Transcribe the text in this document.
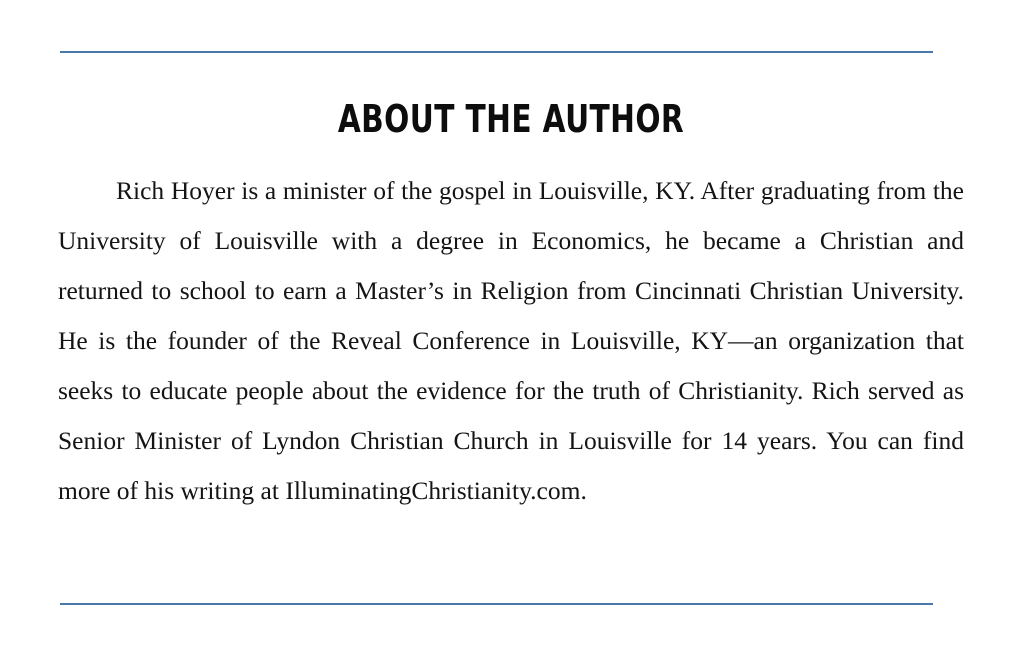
ABOUT THE AUTHOR

Rich Hoyer is a minister of the gospel in Louisville, KY. After graduating from the University of Louisville with a degree in Economics, he became a Christian and returned to school to earn a Master’s in Religion from Cincinnati Christian University. He is the founder of the Reveal Conference in Louisville, KY—an organization that seeks to educate people about the evidence for the truth of Christianity. Rich served as Senior Minister of Lyndon Christian Church in Louisville for 14 years. You can find more of his writing at IlluminatingChristianity.com.
